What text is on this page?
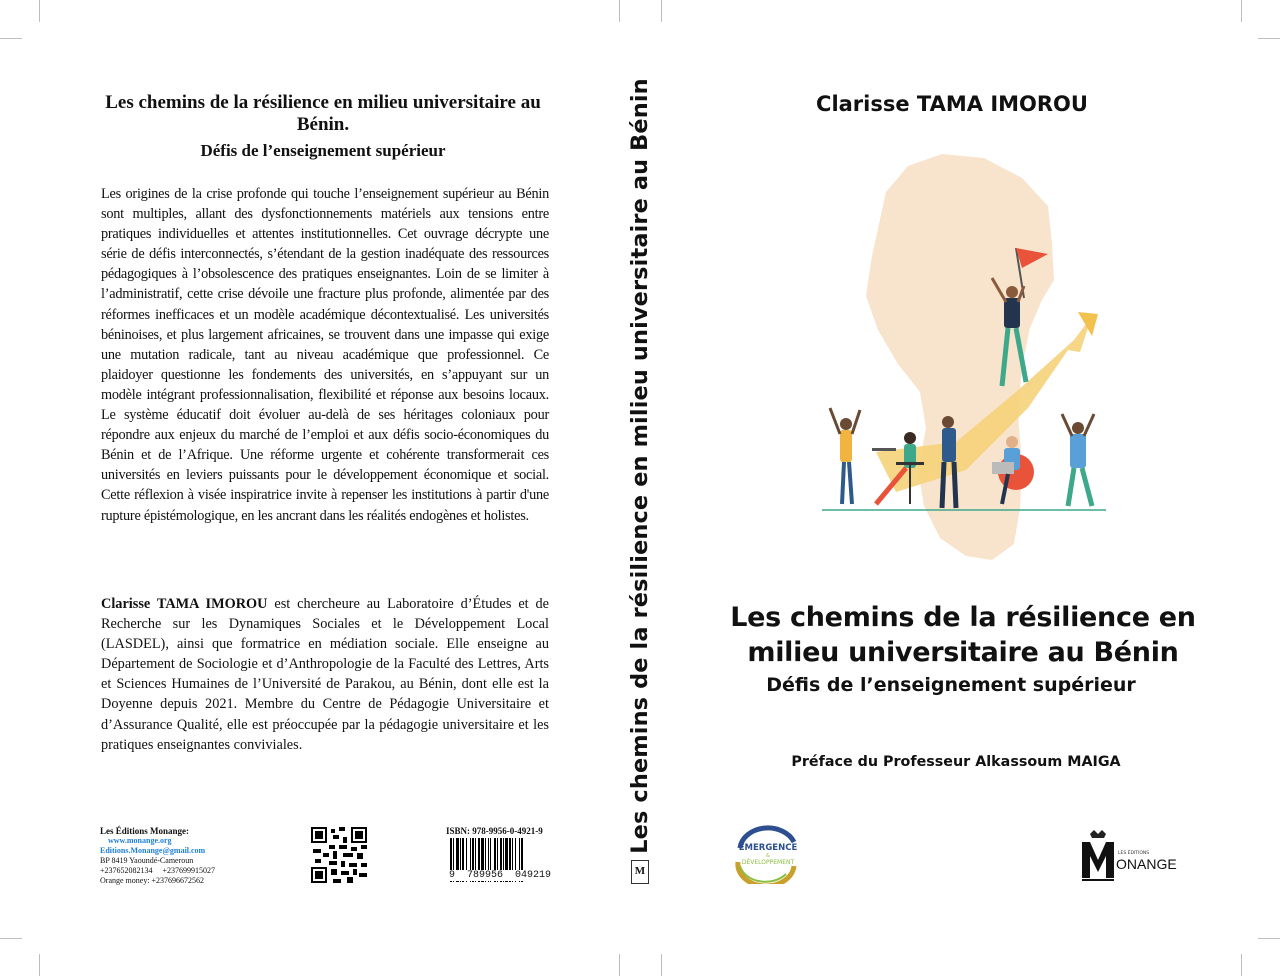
Les chemins de la résilience en milieu universitaire au Bénin.
Défis de l’enseignement supérieur
Les origines de la crise profonde qui touche l’enseignement supérieur au Bénin sont multiples, allant des dysfonctionnements matériels aux tensions entre pratiques individuelles et attentes institutionnelles. Cet ouvrage décrypte une série de défis interconnectés, s’étendant de la gestion inadéquate des ressources pédagogiques à l’obsolescence des pratiques enseignantes. Loin de se limiter à l’administratif, cette crise dévoile une fracture plus profonde, alimentée par des réformes inefficaces et un modèle académique décontextualisé. Les universités béninoises, et plus largement africaines, se trouvent dans une impasse qui exige une mutation radicale, tant au niveau académique que professionnel. Ce plaidoyer questionne les fondements des universités, en s’appuyant sur un modèle intégrant professionnalisation, flexibilité et réponse aux besoins locaux. Le système éducatif doit évoluer au-delà de ses héritages coloniaux pour répondre aux enjeux du marché de l’emploi et aux défis socio-économiques du Bénin et de l’Afrique. Une réforme urgente et cohérente transformerait ces universités en leviers puissants pour le développement économique et social. Cette réflexion à visée inspiratrice invite à repenser les institutions à partir d'une rupture épistémologique, en les ancrant dans les réalités endogènes et holistes.
Clarisse TAMA IMOROU est chercheure au Laboratoire d’Études et de Recherche sur les Dynamiques Sociales et le Développement Local (LASDEL), ainsi que formatrice en médiation sociale. Elle enseigne au Département de Sociologie et d’Anthropologie de la Faculté des Lettres, Arts et Sciences Humaines de l’Université de Parakou, au Bénin, dont elle est la Doyenne depuis 2021. Membre du Centre de Pédagogie Universitaire et d’Assurance Qualité, elle est préoccupée par la pédagogie universitaire et les pratiques enseignantes conviviales.
Les Éditions Monange:
www.monange.org
Editions.Monange@gmail.com
BP 8419 Yaoundé-Cameroun
+237652082134     +237699915027
Orange money: +237696672562
ISBN: 978-9956-0-4921-9
9  789956  049219
Les chemins de la résilience en milieu universitaire au Bénin
M
Clarisse TAMA IMOROU
Les chemins de la résilience en
milieu universitaire au Bénin
Défis de l’enseignement supérieur
Préface du Professeur Alkassoum MAIGA
ÉMERGENCE
&
DÉVELOPPEMENT
LES ÉDITIONS
ONANGE
